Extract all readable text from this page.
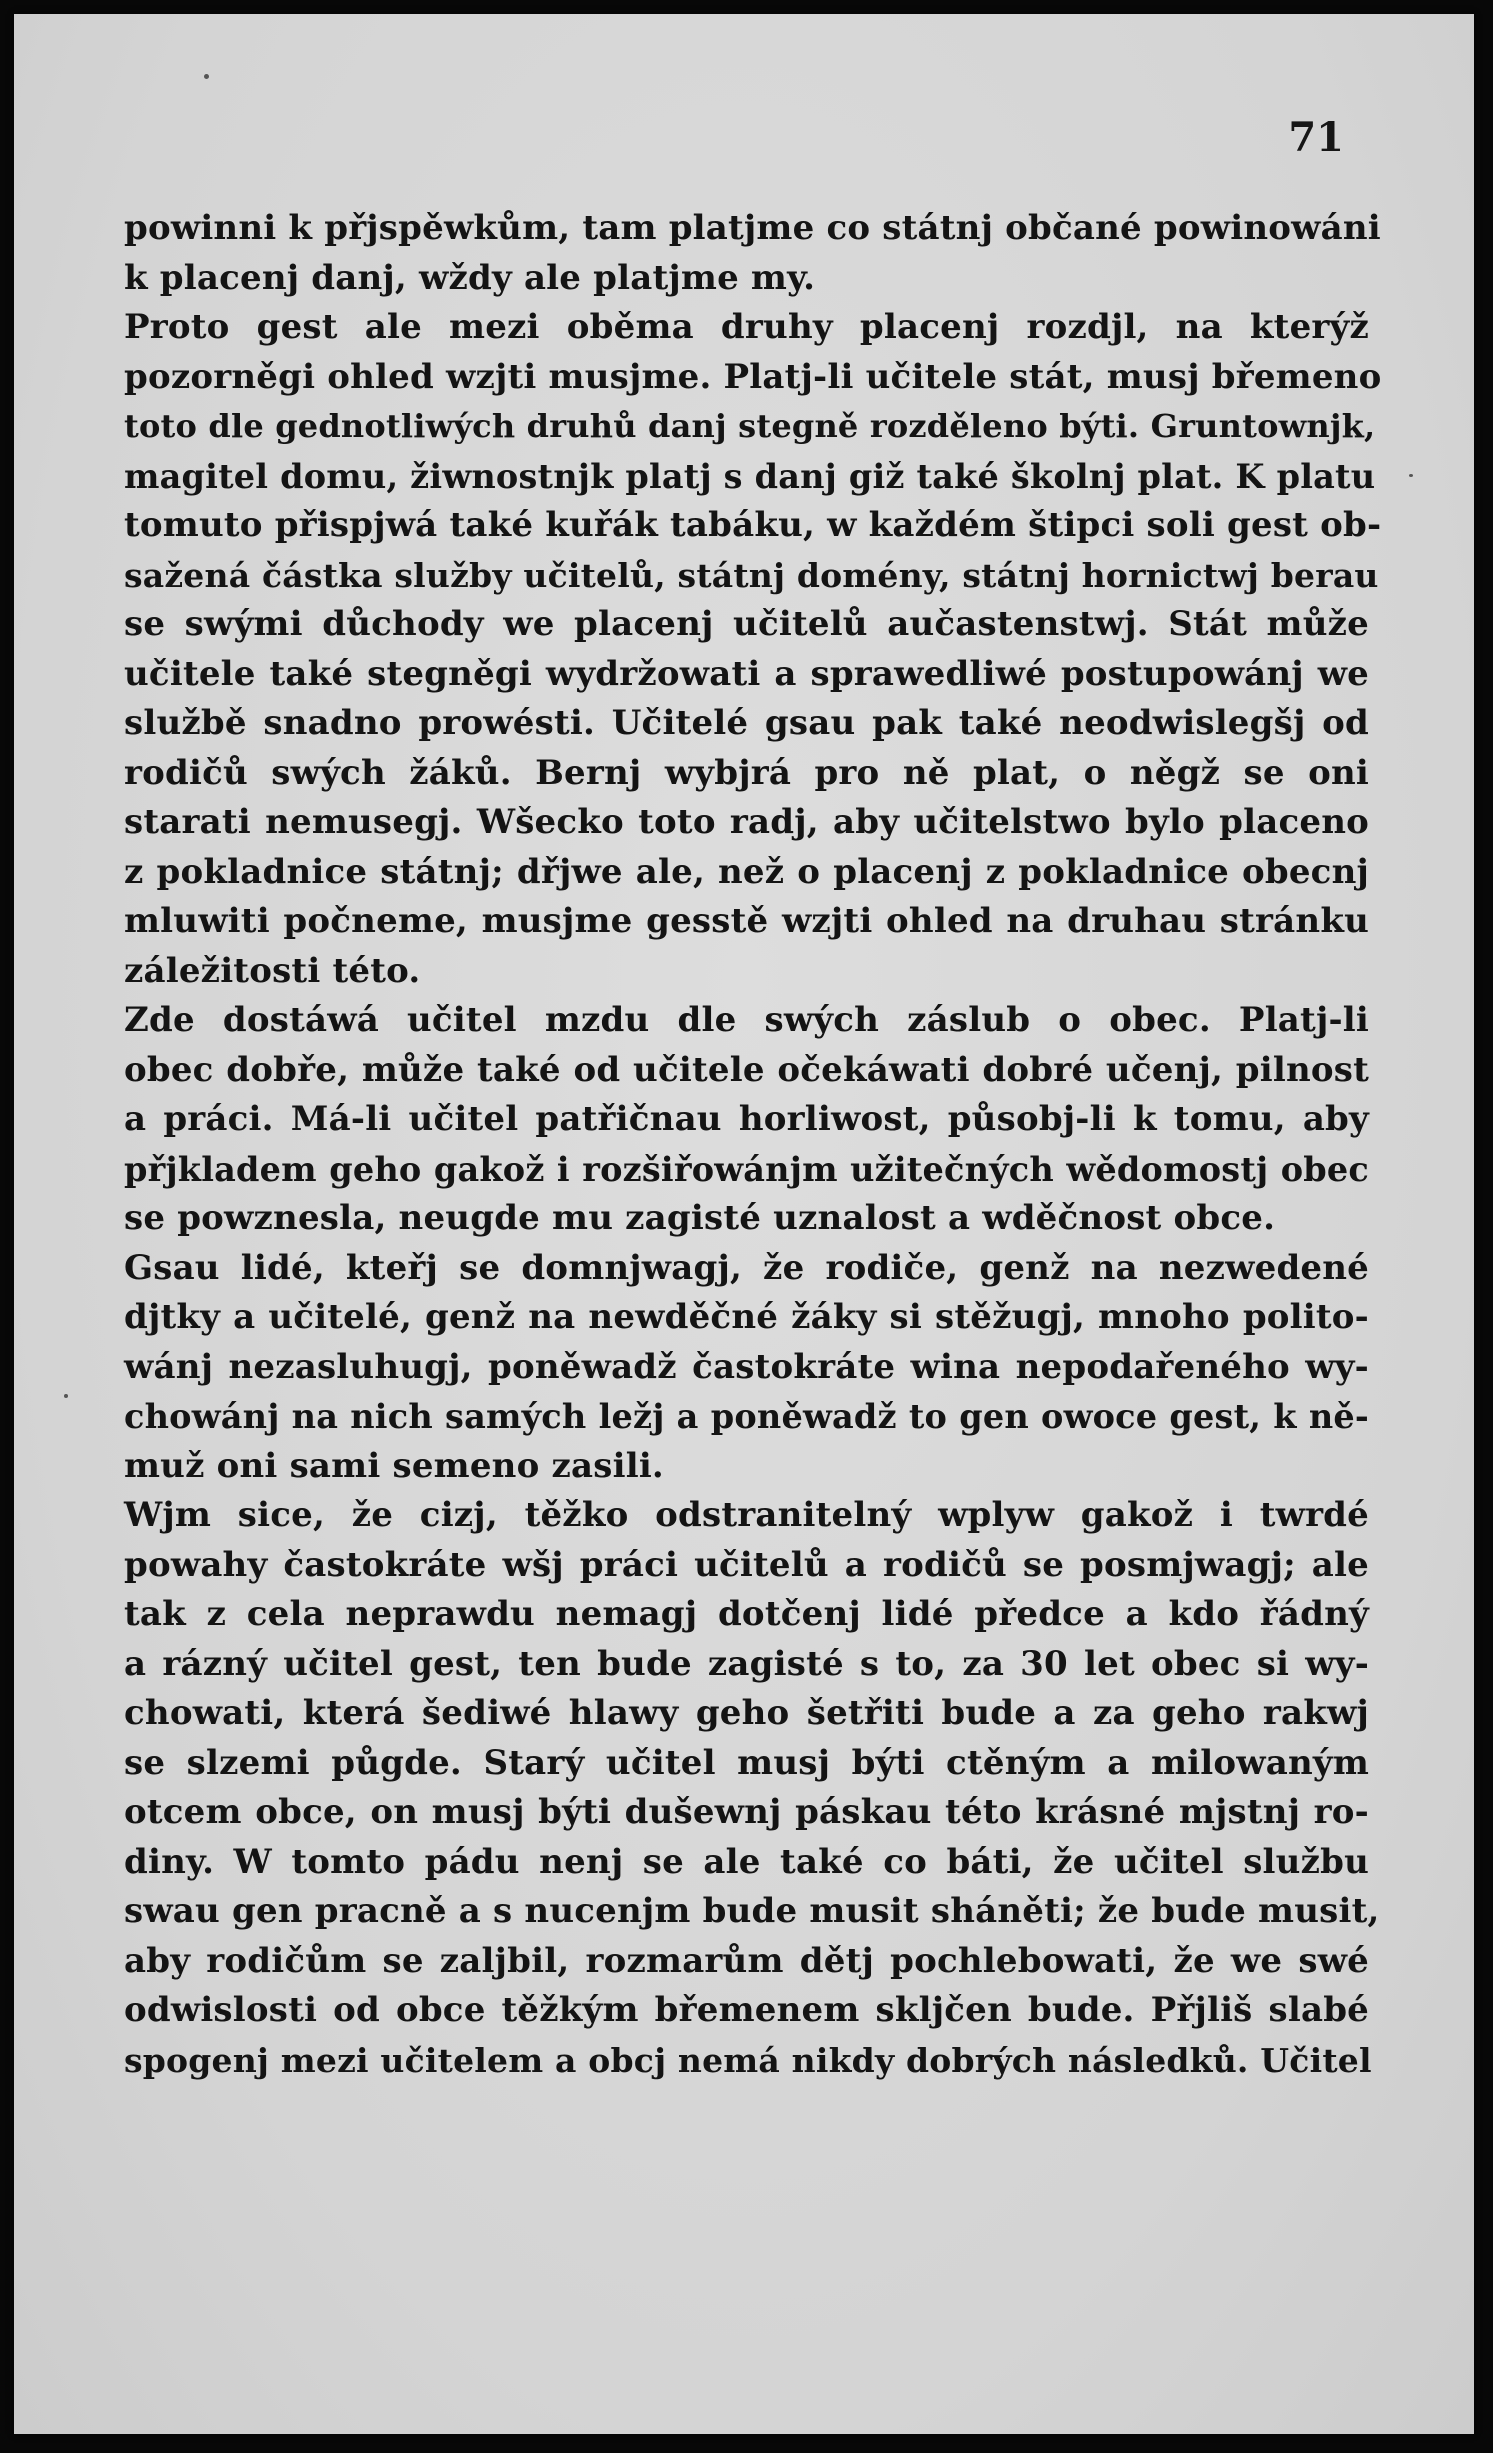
71
powinni k přjspěwkům, tam platjme co státnj občané powinowáni
k placenj danj, wždy ale platjme my.
Proto gest ale mezi oběma druhy placenj rozdjl, na kterýž
pozorněgi ohled wzjti musjme. Platj-li učitele stát, musj břemeno
toto dle gednotliwých druhů danj stegně rozděleno býti. Gruntownjk,
magitel domu, žiwnostnjk platj s danj giž také školnj plat. K platu
tomuto přispjwá také kuřák tabáku, w každém štipci soli gest ob-
sažená částka služby učitelů, státnj domény, státnj hornictwj berau
se swými důchody we placenj učitelů aučastenstwj. Stát může
učitele také stegněgi wydržowati a sprawedliwé postupowánj we
službě snadno prowésti. Učitelé gsau pak také neodwislegšj od
rodičů swých žáků. Bernj wybjrá pro ně plat, o něgž se oni
starati nemusegj. Wšecko toto radj, aby učitelstwo bylo placeno
z pokladnice státnj; dřjwe ale, než o placenj z pokladnice obecnj
mluwiti počneme, musjme gesstě wzjti ohled na druhau stránku
záležitosti této.
Zde dostáwá učitel mzdu dle swých záslub o obec. Platj-li
obec dobře, může také od učitele očekáwati dobré učenj, pilnost
a práci. Má-li učitel patřičnau horliwost, působj-li k tomu, aby
přjkladem geho gakož i rozšiřowánjm užitečných wědomostj obec
se powznesla, neugde mu zagisté uznalost a wděčnost obce.
Gsau lidé, kteřj se domnjwagj, že rodiče, genž na nezwedené
djtky a učitelé, genž na newděčné žáky si stěžugj, mnoho polito-
wánj nezasluhugj, poněwadž častokráte wina nepodařeného wy-
chowánj na nich samých ležj a poněwadž to gen owoce gest, k ně-
muž oni sami semeno zasili.
Wjm sice, že cizj, těžko odstranitelný wplyw gakož i twrdé
powahy častokráte wšj práci učitelů a rodičů se posmjwagj; ale
tak z cela neprawdu nemagj dotčenj lidé předce a kdo řádný
a rázný učitel gest, ten bude zagisté s to, za 30 let obec si wy-
chowati, která šediwé hlawy geho šetřiti bude a za geho rakwj
se slzemi půgde. Starý učitel musj býti ctěným a milowaným
otcem obce, on musj býti dušewnj páskau této krásné mjstnj ro-
diny. W tomto pádu nenj se ale také co báti, že učitel službu
swau gen pracně a s nucenjm bude musit sháněti; že bude musit,
aby rodičům se zaljbil, rozmarům dětj pochlebowati, že we swé
odwislosti od obce těžkým břemenem skljčen bude. Přjliš slabé
spogenj mezi učitelem a obcj nemá nikdy dobrých následků. Učitel
